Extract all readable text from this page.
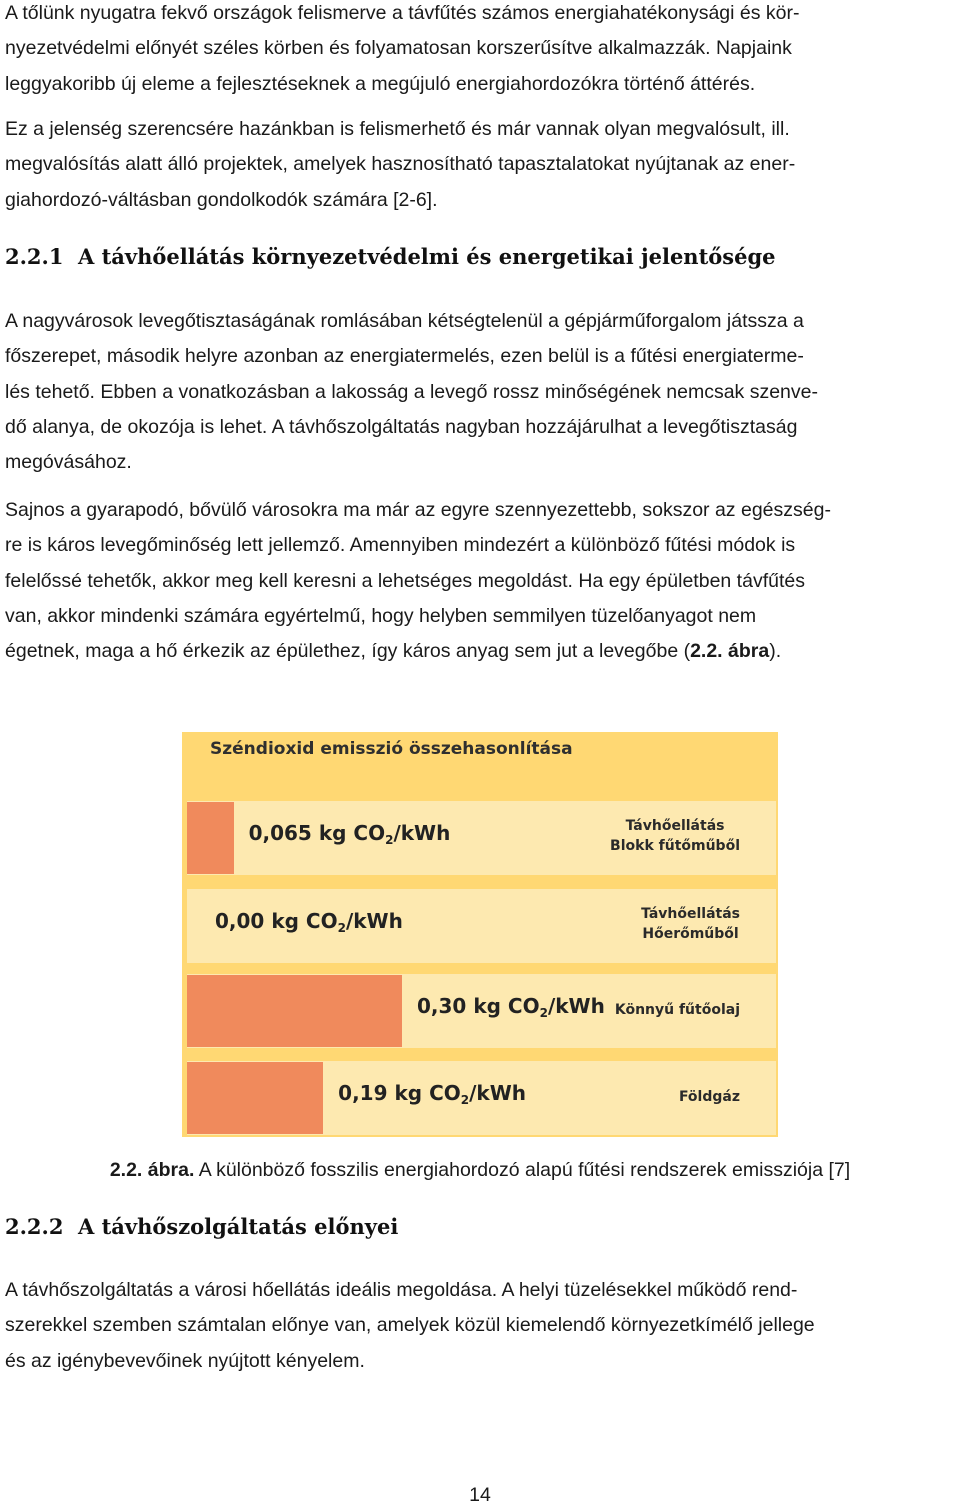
A tőlünk nyugatra fekvő országok felismerve a távfűtés számos energiahatékonysági és kör-
nyezetvédelmi előnyét széles körben és folyamatosan korszerűsítve alkalmazzák. Napjaink
leggyakoribb új eleme a fejlesztéseknek a megújuló energiahordozókra történő áttérés.

Ez a jelenség szerencsére hazánkban is felismerhető és már vannak olyan megvalósult, ill.
megvalósítás alatt álló projektek, amelyek hasznosítható tapasztalatokat nyújtanak az ener-
giahordozó-váltásban gondolkodók számára [2-6].

2.2.1 A távhőellátás környezetvédelmi és energetikai jelentősége

A nagyvárosok levegőtisztaságának romlásában kétségtelenül a gépjárműforgalom játssza a
főszerepet, második helyre azonban az energiatermelés, ezen belül is a fűtési energiaterme-
lés tehető. Ebben a vonatkozásban a lakosság a levegő rossz minőségének nemcsak szenve-
dő alanya, de okozója is lehet. A távhőszolgáltatás nagyban hozzájárulhat a levegőtisztaság
megóvásához.

Sajnos a gyarapodó, bővülő városokra ma már az egyre szennyezettebb, sokszor az egészség-
re is káros levegőminőség lett jellemző. Amennyiben mindezért a különböző fűtési módok is
felelőssé tehetők, akkor meg kell keresni a lehetséges megoldást. Ha egy épületben távfűtés
van, akkor mindenki számára egyértelmű, hogy helyben semmilyen tüzelőanyagot nem
égetnek, maga a hő érkezik az épülethez, így káros anyag sem jut a levegőbe (2.2. ábra).

Széndioxid emisszió összehasonlítása
0,065 kg $CO_2$/kWh	Távhőellátás
Blokk fűtőműből
0,00 kg $CO_2$/kWh	Távhőellátás
Hőerőműből
0,30 kg $CO_2$/kWh Könnyű fűtőolaj
0,19 kg $CO_2$/kWh	Földgáz

2.2. ábra. A különböző fosszilis energiahordozó alapú fűtési rendszerek emissziója [7]

2.2.2 A távhőszolgáltatás előnyei

A távhőszolgáltatás a városi hőellátás ideális megoldása. A helyi tüzelésekkel működő rend-
szerekkel szemben számtalan előnye van, amelyek közül kiemelendő környezetkímélő jellege
és az igénybevevőinek nyújtott kényelem.

14
